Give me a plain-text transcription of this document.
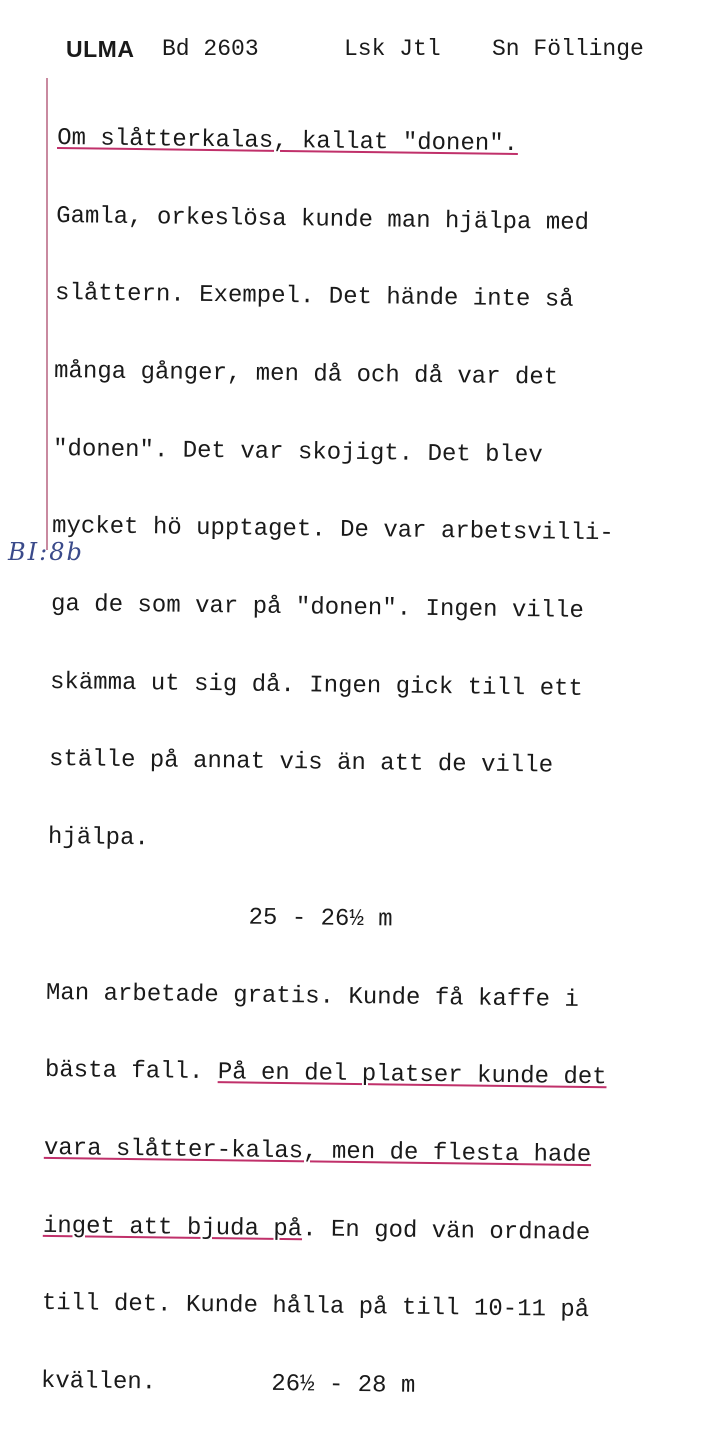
ULMA

Bd 2603

	Lsk Jtl

Sn Föllinge

Om slåtterkalas, kallat "donen".

Gamla, orkeslösa kunde man hjälpa med

slåttern. Exempel. Det hände inte så

många gånger, men då och då var det

"donen". Det var skojigt. Det blev

mycket hö upptaget. De var arbetsvilli-

ga de som var på "donen". Ingen ville

skämma ut sig då. Ingen gick till ett

ställe på annat vis än att de ville

hjälpa.

25 - 26½ m

Man arbetade gratis. Kunde få kaffe i

bästa fall. På en del platser kunde det

vara slåtter-kalas, men de flesta hade

inget att bjuda på. En god vän ordnade

till det. Kunde hålla på till 10-11 på

kvällen.        26½ - 28 m

BI:8b
